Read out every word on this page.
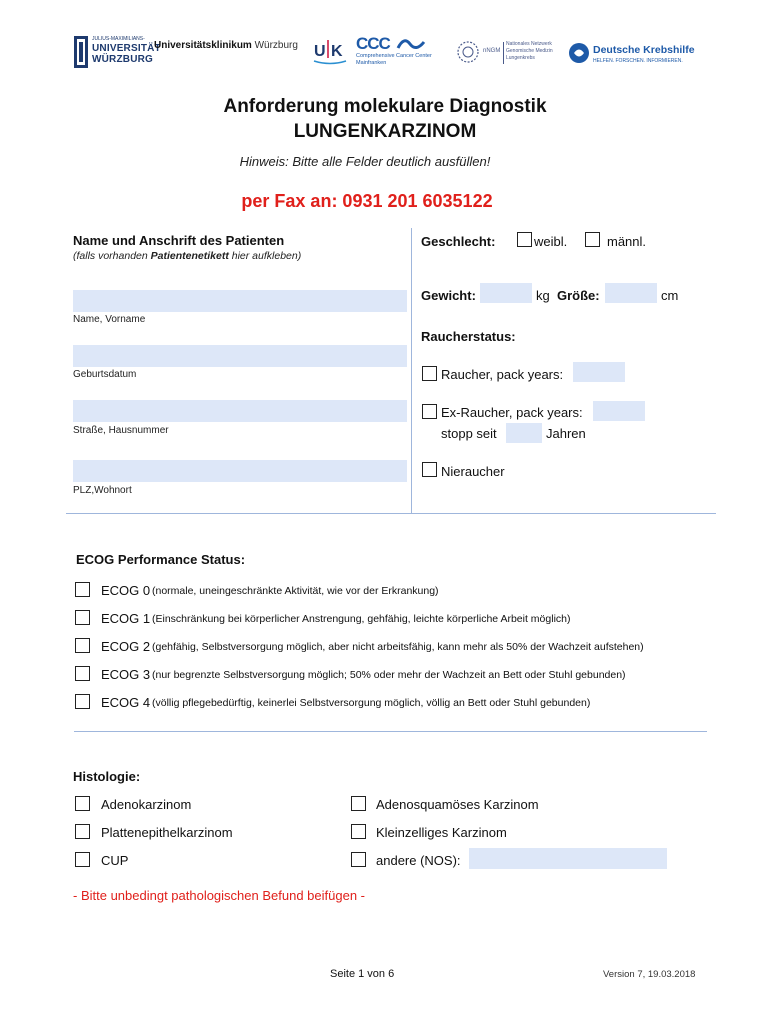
JULIUS-MAXIMILIANS-
UNIVERSITÄT
WÜRZBURG
Universitätsklinikum Würzburg U K CCC
Comprehensive Cancer Center
Mainfranken
nNGM
Nationales Netzwerk
Genomische Medizin
Lungenkrebs
Deutsche Krebshilfe
HELFEN. FORSCHEN. INFORMIEREN.
Anforderung molekulare Diagnostik
LUNGENKARZINOM
Hinweis: Bitte alle Felder deutlich ausfüllen!
per Fax an: 0931 201 6035122
Name und Anschrift des Patienten
(falls vorhanden Patientenetikett hier aufkleben)
Name, Vorname
Geburtsdatum
Straße, Hausnummer
PLZ,Wohnort
Geschlecht:	weibl.	männl.
Gewicht:	kg Größe:	cm
Raucherstatus:
Raucher, pack years:
Ex-Raucher, pack years:
stopp seit	Jahren
Nieraucher
ECOG Performance Status:
ECOG 0 (normale, uneingeschränkte Aktivität, wie vor der Erkrankung)
ECOG 1 (Einschränkung bei körperlicher Anstrengung, gehfähig, leichte körperliche Arbeit möglich)
ECOG 2 (gehfähig, Selbstversorgung möglich, aber nicht arbeitsfähig, kann mehr als 50% der Wachzeit aufstehen)
ECOG 3 (nur begrenzte Selbstversorgung möglich; 50% oder mehr der Wachzeit an Bett oder Stuhl gebunden)
ECOG 4 (völlig pflegebedürftig, keinerlei Selbstversorgung möglich, völlig an Bett oder Stuhl gebunden)
Histologie:
Adenokarzinom	Adenosquamöses Karzinom
Plattenepithelkarzinom	Kleinzelliges Karzinom
CUP	andere (NOS):
- Bitte unbedingt pathologischen Befund beifügen -
Seite 1 von 6	Version 7, 19.03.2018
